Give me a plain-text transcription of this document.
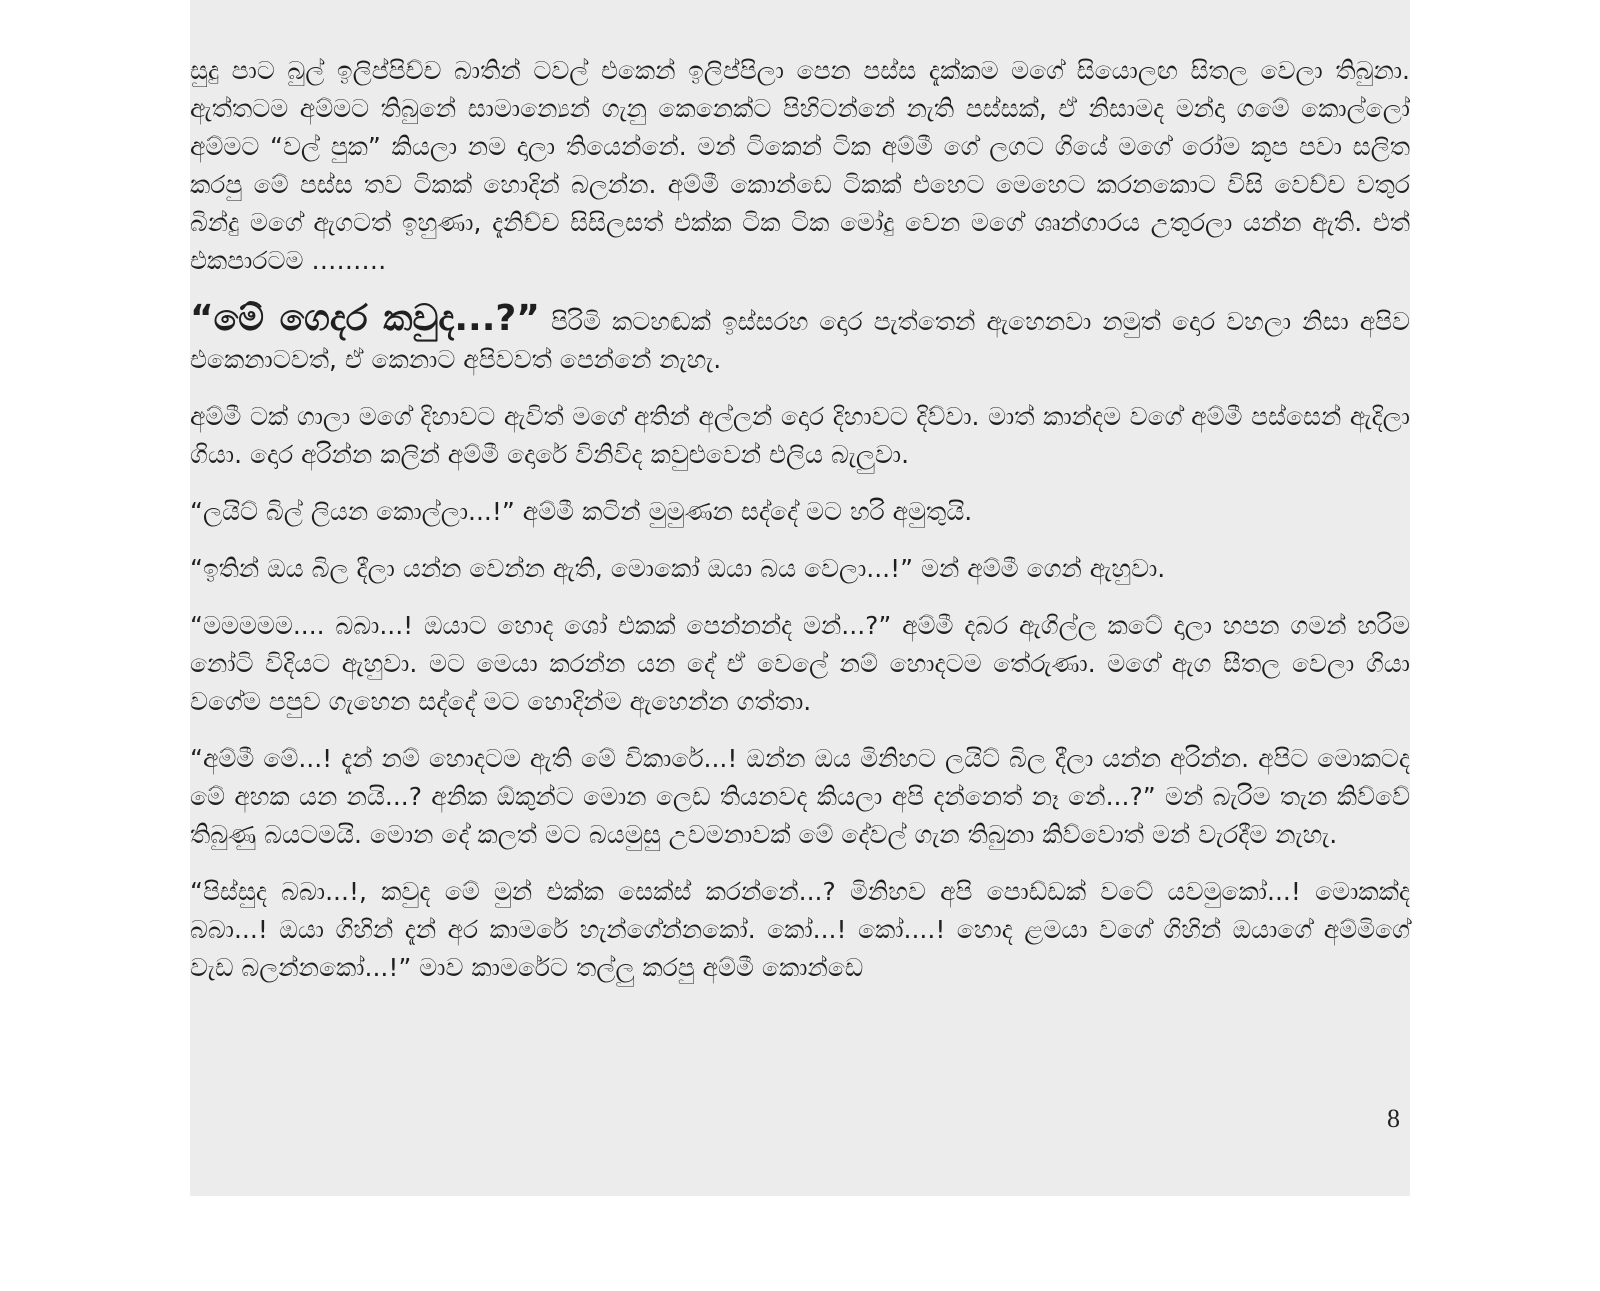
සුදු පාට බුල් ඉලිප්පිච්ච බාතින් ටවල් එකෙන් ඉලිප්පිලා පෙන පස්ස දැක්කම මගේ සියොලඟ සිතල වෙලා තිබුනා. ඇත්තටම අම්මට තිබුනේ සාමාන්‍යෙන් ගැනු කෙනෙක්ට පිහිටන්නේ නැති පස්සක්, ඒ නිසාමද මන්දා ගමේ කොල්ලෝ අම්මට “වල් පුක” කියලා නම දාලා තියෙන්නේ. මන් ටිකෙන් ටික අම්මී ගේ ලගට ගියේ මගේ රෝම කූප පවා සලිත කරපු මේ පස්ස තව ටිකක් හොදින් බලන්න. අම්මී කොන්ඩෙ ටිකක් එහෙට මෙහෙට කරනකොට විසි වෙච්ච වතුර බින්දු මගේ ඇගටත් ඉහුණා, දැනිච්ච සිසිලසත් එක්ක ටික ටික මෝදු වෙන මගේ ශෘන්ගාරය උතුරලා යන්න ඇති. එත් එකපාරටම ………

“මේ ගෙදර කවුද...?” පිරිමි කටහඬක් ඉස්සරහ දොර පැත්තෙන් ඇහෙනවා නමුත් දොර වහලා නිසා අපිව එකෙනාටවත්, ඒ කෙනාට අපිවවත් පෙන්නේ නැහැ.

අම්මී ටක් ගාලා මගේ දිහාවට ඇවිත් මගේ අතින් අල්ලන් දොර දිහාවට දිව්වා. මාත් කාන්දම වගේ අම්මී පස්සෙන් ඇදිලා ගියා. දොර අරින්න කලින් අම්මී දොරේ විනිවිද කවුළුවෙන් එලිය බැලුවා.

“ලයිට් බිල් ලියන කොල්ලා...!” අම්මී කටින් මුමුණන සද්දේ මට හරි අමුතුයි.

“ඉතින් ඔය බිල දීලා යන්න වෙන්න ඇති, මොකෝ ඔයා බය වෙලා...!” මන් අම්මී ගෙන් ඇහුවා.

“මමමමම.... බබා...! ඔයාට හොද ශෝ එකක් පෙන්නන්ද මන්...?” අම්මී දබර ඇගිල්ල කටේ දාලා හපන ගමන් හරිම නෝටි විදියට ඇහුවා. මට මෙයා කරන්න යන දේ ඒ වෙලේ නම් හොදටම තේරුණා. මගේ ඇග සීතල වෙලා ගියා වගේම පපුව ගැහෙන සද්දේ මට හොදින්ම ඇහෙන්න ගත්තා.

“අම්මී මේ...! දැන් නම් හොදටම ඇති මේ විකාරේ...! ඔන්න ඔය මිනිහට ලයිට් බිල දීලා යන්න අරින්න. අපිට මොකටද මේ අහක යන නයි...? අනික ඕකුන්ට මොන ලෙඩ තියනවද කියලා අපි දන්නෙත් නෑ නේ...?” මන් බැරිම තැන කිව්වේ තිබුණු බයටමයි. මොන දේ කලත් මට බයමුසු උවමනාවක් මේ දේවල් ගැන තිබුනා කිව්වොත් මන් වැරදීම නැහැ.

“පිස්සුද බබා...!, කවුද මේ මුන් එක්ක සෙක්ස් කරන්නේ...? මිනිහව අපි පොඩ්ඩක් වටේ යවමුකෝ...! මොකක්ද බබා...! ඔයා ගිහින් දැන් අර කාමරේ හැන්ගේන්නකෝ. කෝ...! කෝ....! හොද ළමයා වගේ ගිහින් ඔයාගේ අම්මිගේ වැඩ බලන්නකෝ...!” මාව කාමරේට තල්ලු කරපු අම්මී කොන්ඩෙ

8
